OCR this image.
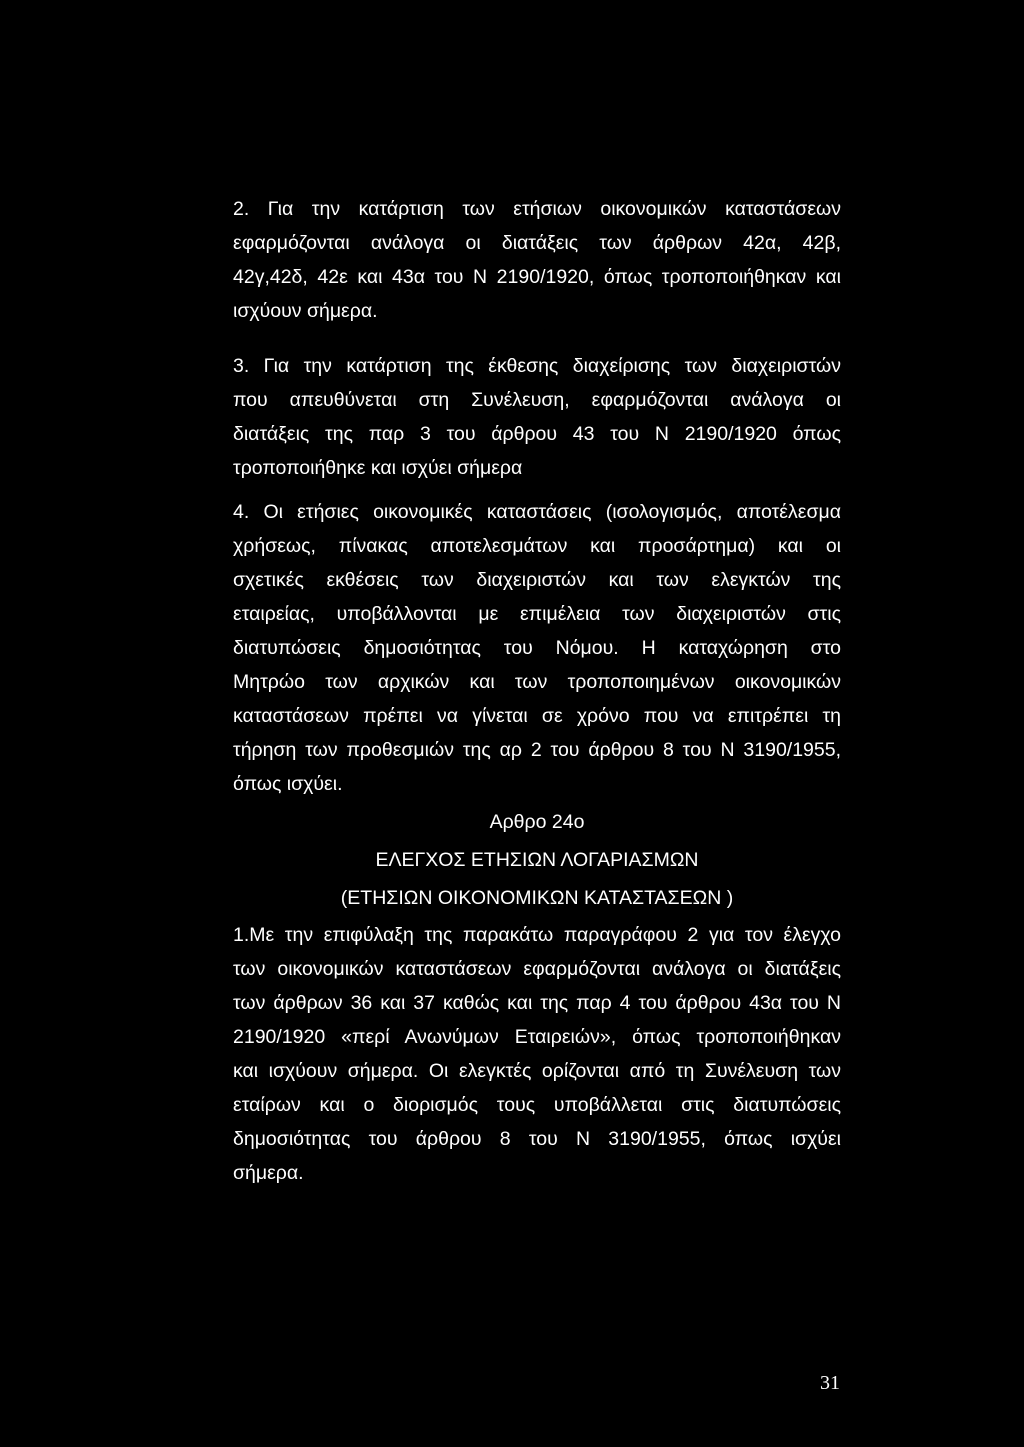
2. Για την κατάρτιση των ετήσιων οικονομικών καταστάσεων
εφαρμόζονται ανάλογα οι διατάξεις των άρθρων 42α, 42β,
42γ,42δ, 42ε και 43α του Ν 2190/1920, όπως τροποποιήθηκαν και
ισχύουν σήμερα.
3. Για την κατάρτιση της έκθεσης διαχείρισης των διαχειριστών
που απευθύνεται στη Συνέλευση, εφαρμόζονται ανάλογα οι
διατάξεις της παρ 3 του άρθρου 43 του Ν 2190/1920 όπως
τροποποιήθηκε και ισχύει σήμερα
4. Οι ετήσιες οικονομικές καταστάσεις (ισολογισμός, αποτέλεσμα
χρήσεως, πίνακας αποτελεσμάτων και προσάρτημα) και οι
σχετικές εκθέσεις των διαχειριστών και των ελεγκτών της
εταιρείας, υποβάλλονται με επιμέλεια των διαχειριστών στις
διατυπώσεις δημοσιότητας του Νόμου. Η καταχώρηση στο
Μητρώο των αρχικών και των τροποποιημένων οικονομικών
καταστάσεων πρέπει να γίνεται σε χρόνο που να επιτρέπει τη
τήρηση των προθεσμιών της αρ 2 του άρθρου 8 του Ν 3190/1955,
όπως ισχύει.
Αρθρο 24ο
ΕΛΕΓΧΟΣ ΕΤΗΣΙΩΝ ΛΟΓΑΡΙΑΣΜΩΝ
(ΕΤΗΣΙΩΝ ΟΙΚΟΝΟΜΙΚΩΝ ΚΑΤΑΣΤΑΣΕΩΝ )
1.Με την επιφύλαξη της παρακάτω παραγράφου 2 για τον έλεγχο
των οικονομικών καταστάσεων εφαρμόζονται ανάλογα οι διατάξεις
των άρθρων 36 και 37 καθώς και της παρ 4 του άρθρου 43α του Ν
2190/1920 «περί Ανωνύμων Εταιρειών», όπως τροποποιήθηκαν
και ισχύουν σήμερα. Οι ελεγκτές ορίζονται από τη Συνέλευση των
εταίρων και ο διορισμός τους υποβάλλεται στις διατυπώσεις
δημοσιότητας του άρθρου 8 του Ν 3190/1955, όπως ισχύει
σήμερα.
31
